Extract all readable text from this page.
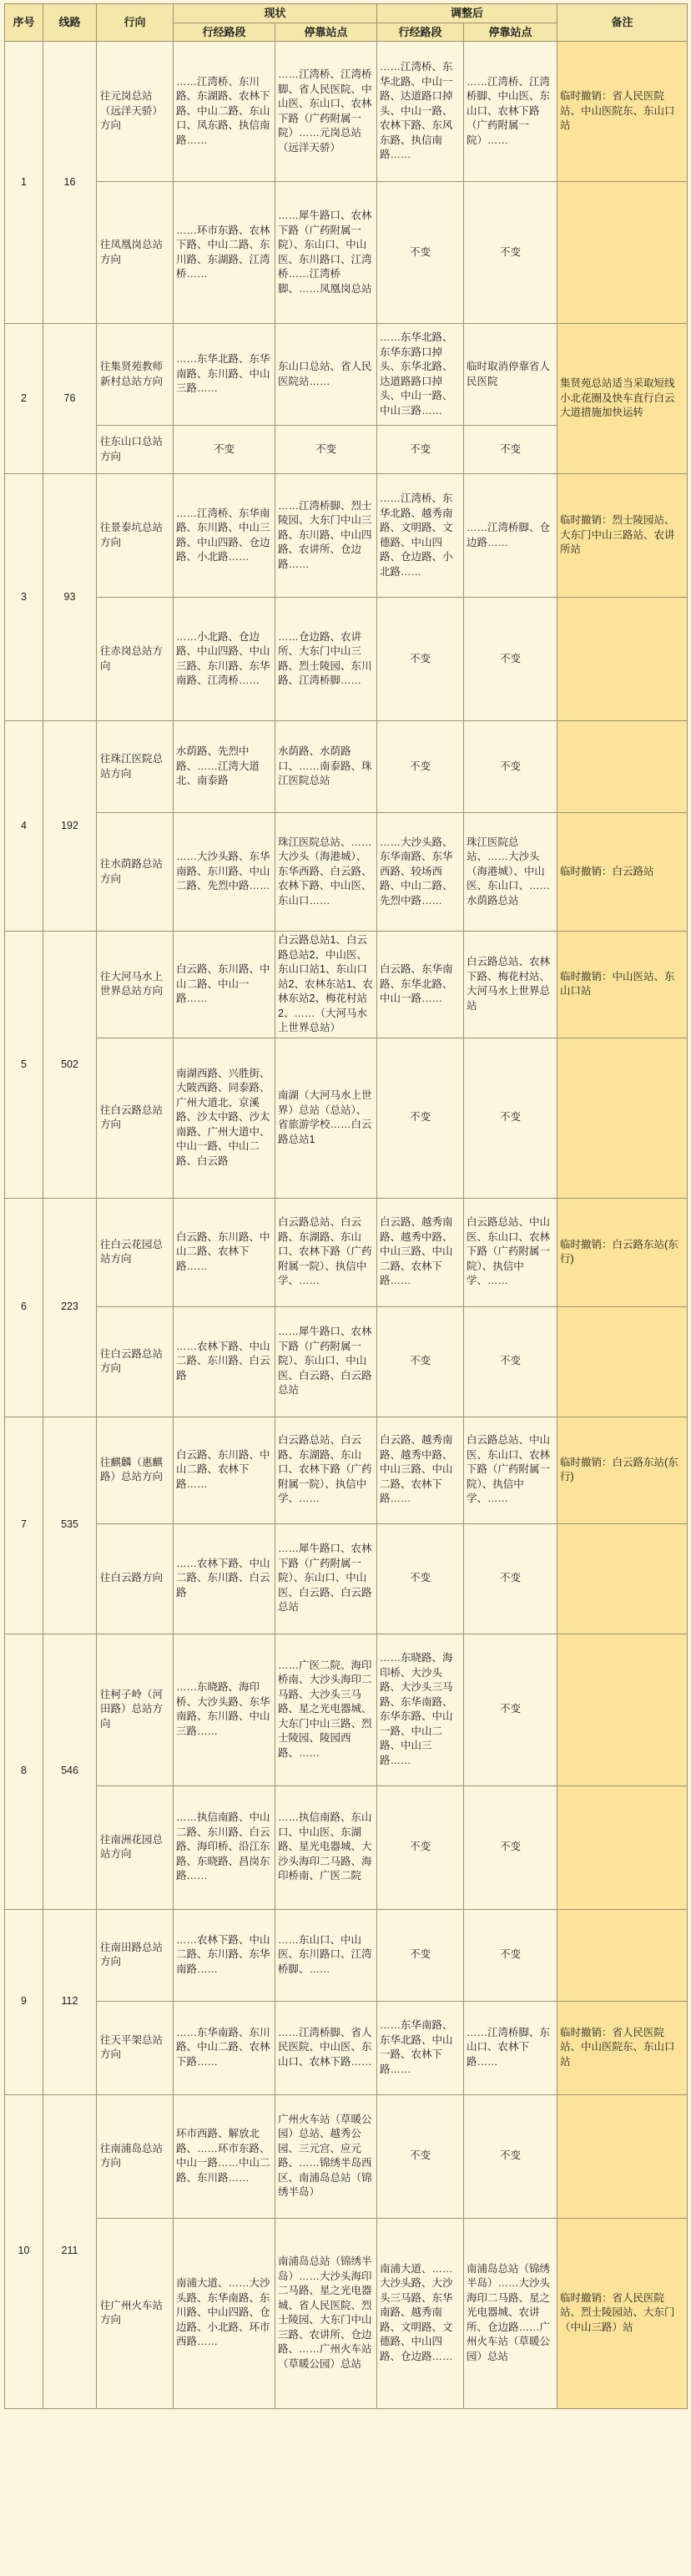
序号	线路	行向	现状		调整后		备注
			行经路段	停靠站点	行经路段	停靠站点	
1	16	往元岗总站（远洋天骄）方向	……江湾桥、东川路、东湖路、农林下路、中山二路、东山口、凤东路、执信南路……	……江湾桥、江湾桥脚、省人民医院、中山医、东山口、农林下路（广药附属一院）……元岗总站（远洋天骄）	……江湾桥、东华北路、中山一路、达道路口掉头、中山一路、农林下路、东风东路、执信南路……	……江湾桥、江湾桥脚、中山医、东山口、农林下路（广药附属一院）……	临时撤销：省人民医院站、中山医院东、东山口站
		往凤凰岗总站方向	……环市东路、农林下路、中山二路、东川路、东湖路、江湾桥……	……犀牛路口、农林下路（广药附属一院）、东山口、中山医、东川路口、江湾桥……江湾桥脚、……凤凰岗总站	不变	不变	
2	76	往集贤苑教师新村总站方向	……东华北路、东华南路、东川路、中山三路……	东山口总站、省人民医院站……	……东华北路、东华东路口掉头、东华北路、达道路路口掉头、中山一路、中山三路……	临时取消停靠省人民医院	集贤苑总站适当采取短线小北花圈及快车直行白云大道措施加快运转
		往东山口总站方向	不变	不变	不变	不变	
3	93	往景泰坑总站方向	……江湾桥、东华南路、东川路、中山三路、中山四路、仓边路、小北路……	……江湾桥脚、烈士陵园、大东门中山三路、东川路、中山四路、农讲所、仓边路……	……江湾桥、东华北路、越秀南路、文明路、文德路、中山四路、仓边路、小北路……	……江湾桥脚、仓边路……	临时撤销：烈士陵园站、大东门中山三路站、农讲所站
		往赤岗总站方向	……小北路、仓边路、中山四路、中山三路、东川路、东华南路、江湾桥……	……仓边路、农讲所、大东门中山三路、烈士陵园、东川路、江湾桥脚……	不变	不变	
4	192	往珠江医院总站方向	水荫路、先烈中路、……江湾大道北、南泰路	水荫路、水荫路口、……南泰路、珠江医院总站	不变	不变	
		往水荫路总站方向	……大沙头路、东华南路、东川路、中山二路、先烈中路……	珠江医院总站、……大沙头（海港城）、东华西路、白云路、农林下路、中山医、东山口……	……大沙头路、东华南路、东华西路、较场西路、中山二路、先烈中路……	珠江医院总站、……大沙头（海港城）、中山医、东山口、……水荫路总站	临时撤销：白云路站
5	502	往大河马水上世界总站方向	白云路、东川路、中山二路、中山一路……	白云路总站1、白云路总站2、中山医、东山口站1、东山口站2、农林东站1、农林东站2、梅花村站2、……（大河马水上世界总站）	白云路、东华南路、东华北路、中山一路……	白云路总站、农林下路、梅花村站、大河马水上世界总站	临时撤销：中山医站、东山口站
		往白云路总站方向	南湖西路、兴胜街、大陂西路、同泰路、广州大道北、京溪路、沙太中路、沙太南路、广州大道中、中山一路、中山二路、白云路	南湖（大河马水上世界）总站（总站）、省旅游学校……白云路总站1	不变	不变	
6	223	往白云花园总站方向	白云路、东川路、中山二路、农林下路……	白云路总站、白云路、东湖路、东山口、农林下路（广药附属一院）、执信中学、……	白云路、越秀南路、越秀中路、中山三路、中山二路、农林下路……	白云路总站、中山医、东山口、农林下路（广药附属一院）、执信中学、……	临时撤销：白云路东站(东行)
		往白云路总站方向	……农林下路、中山二路、东川路、白云路	……犀牛路口、农林下路（广药附属一院）、东山口、中山医、白云路、白云路总站	不变	不变	
7	535	往麒麟（惠麒路）总站方向	白云路、东川路、中山二路、农林下路……	白云路总站、白云路、东湖路、东山口、农林下路（广药附属一院）、执信中学、……	白云路、越秀南路、越秀中路、中山三路、中山二路、农林下路……	白云路总站、中山医、东山口、农林下路（广药附属一院）、执信中学、……	临时撤销：白云路东站(东行)
		往白云路方向	……农林下路、中山二路、东川路、白云路	……犀牛路口、农林下路（广药附属一院）、东山口、中山医、白云路、白云路总站	不变	不变	
8	546	往柯子岭（河田路）总站方向	……东晓路、海印桥、大沙头路、东华南路、东川路、中山三路……	……广医二院、海印桥南、大沙头海印二马路、大沙头三马路、星之光电器城、大东门中山三路、烈士陵园、陵园西路、……	……东晓路、海印桥、大沙头路、大沙头三马路、东华南路、东华东路、中山一路、中山二路、中山三路……	不变	
		往南洲花园总站方向	……执信南路、中山二路、东川路、白云路、海印桥、沿江东路、东晓路、昌岗东路……	……执信南路、东山口、中山医、东湖路、星光电器城、大沙头海印二马路、海印桥南、广医二院	不变	不变	
9	112	往南田路总站方向	……农林下路、中山二路、东川路、东华南路……	……东山口、中山医、东川路口、江湾桥脚、……	不变	不变	
		往天平架总站方向	……东华南路、东川路、中山二路、农林下路……	……江湾桥脚、省人民医院、中山医、东山口、农林下路……	……东华南路、东华北路、中山一路、农林下路……	……江湾桥脚、东山口、农林下路……	临时撤销：省人民医院站、中山医院东、东山口站
10	211	往南浦岛总站方向	环市西路、解放北路、……环市东路、中山一路……中山二路、东川路……	广州火车站（草暖公园）总站、越秀公园、三元宫、应元路、……锦绣半岛西区、南浦岛总站（锦绣半岛）	不变	不变	
		往广州火车站方向	南浦大道、……大沙头路、东华南路、东川路、中山四路、仓边路、小北路、环市西路……	南浦岛总站（锦绣半岛）……大沙头海印二马路、星之光电器城、省人民医院、烈士陵园、大东门中山三路、农讲所、仓边路、……广州火车站（草暖公园）总站	南浦大道、……大沙头路、大沙头三马路、东华南路、越秀南路、文明路、文德路、中山四路、仓边路……	南浦岛总站（锦绣半岛）……大沙头海印二马路、星之光电器城、农讲所、仓边路……广州火车站（草暖公园）总站	临时撤销：省人民医院站、烈士陵园站、大东门（中山三路）站
